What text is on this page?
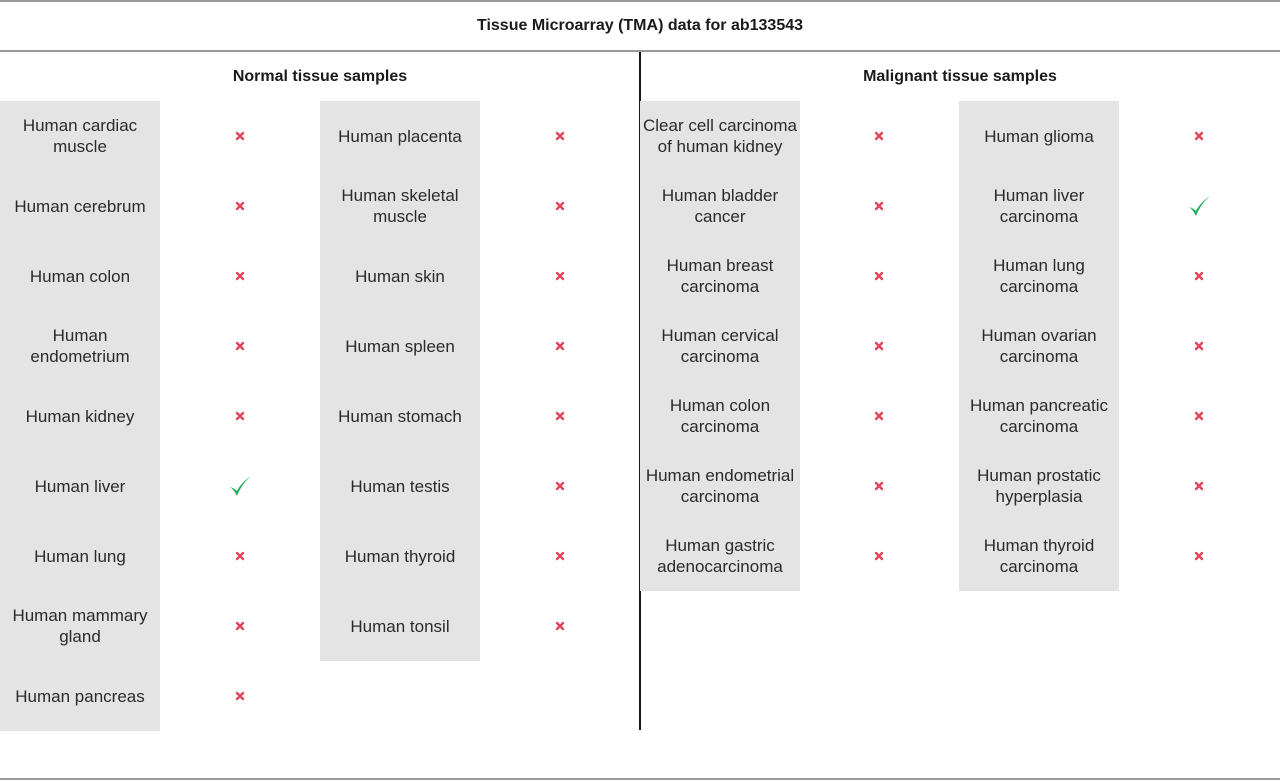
Tissue Microarray (TMA) data for ab133543
Normal tissue samples	Malignant tissue samples
Human cardiac muscle
Human cerebrum
Human colon
Human endometrium
Human kidney
Human liver
Human lung
Human mammary gland
Human pancreas
Human placenta
Human skeletal muscle
Human skin
Human spleen
Human stomach
Human testis
Human thyroid
Human tonsil
Clear cell carcinoma of human kidney
Human bladder cancer
Human breast carcinoma
Human cervical carcinoma
Human colon carcinoma
Human endometrial carcinoma
Human gastric adenocarcinoma
Human glioma
Human liver carcinoma
Human lung carcinoma
Human ovarian carcinoma
Human pancreatic carcinoma
Human prostatic hyperplasia
Human thyroid carcinoma
